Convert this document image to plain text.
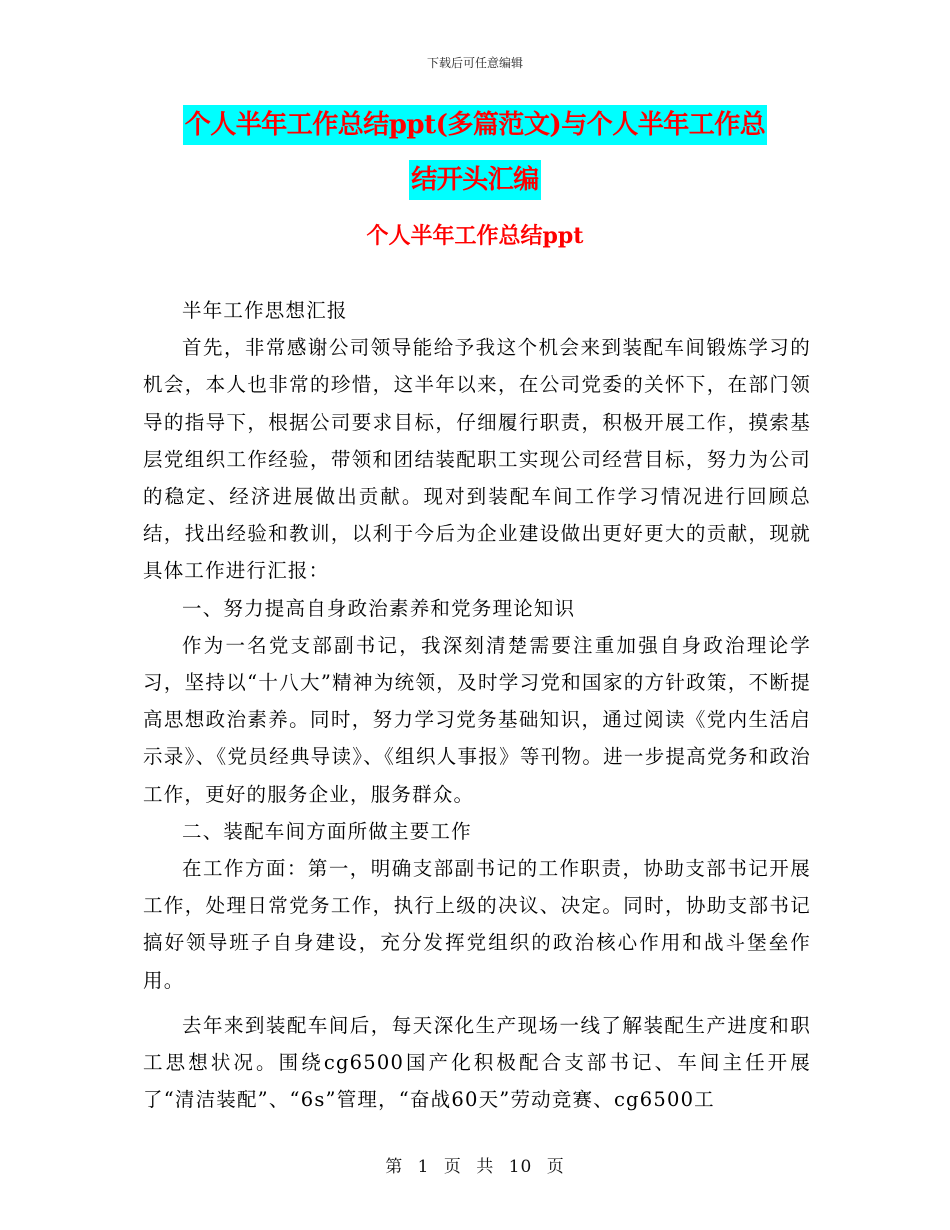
下载后可任意编辑
个人半年工作总结ppt(多篇范文)与个人半年工作总
结开头汇编
个人半年工作总结ppt

半年工作思想汇报

首先，非常感谢公司领导能给予我这个机会来到装配车间锻炼学习的机会，本人也非常的珍惜，这半年以来，在公司党委的关怀下，在部门领导的指导下，根据公司要求目标，仔细履行职责，积极开展工作，摸索基层党组织工作经验，带领和团结装配职工实现公司经营目标，努力为公司的稳定、经济进展做出贡献。现对到装配车间工作学习情况进行回顾总结，找出经验和教训，以利于今后为企业建设做出更好更大的贡献，现就具体工作进行汇报：

一、努力提高自身政治素养和党务理论知识

作为一名党支部副书记，我深刻清楚需要注重加强自身政治理论学习，坚持以“十八大”精神为统领，及时学习党和国家的方针政策，不断提高思想政治素养。同时，努力学习党务基础知识，通过阅读《党内生活启示录》、《党员经典导读》、《组织人事报》等刊物。进一步提高党务和政治工作，更好的服务企业，服务群众。

二、装配车间方面所做主要工作

在工作方面：第一，明确支部副书记的工作职责，协助支部书记开展工作，处理日常党务工作，执行上级的决议、决定。同时，协助支部书记搞好领导班子自身建设，充分发挥党组织的政治核心作用和战斗堡垒作用。

去年来到装配车间后，每天深化生产现场一线了解装配生产进度和职工思想状况。围绕cg6500国产化积极配合支部书记、车间主任开展了“清洁装配”、“6s”管理，“奋战60天”劳动竞赛、cg6500工

第 1 页 共 10 页
